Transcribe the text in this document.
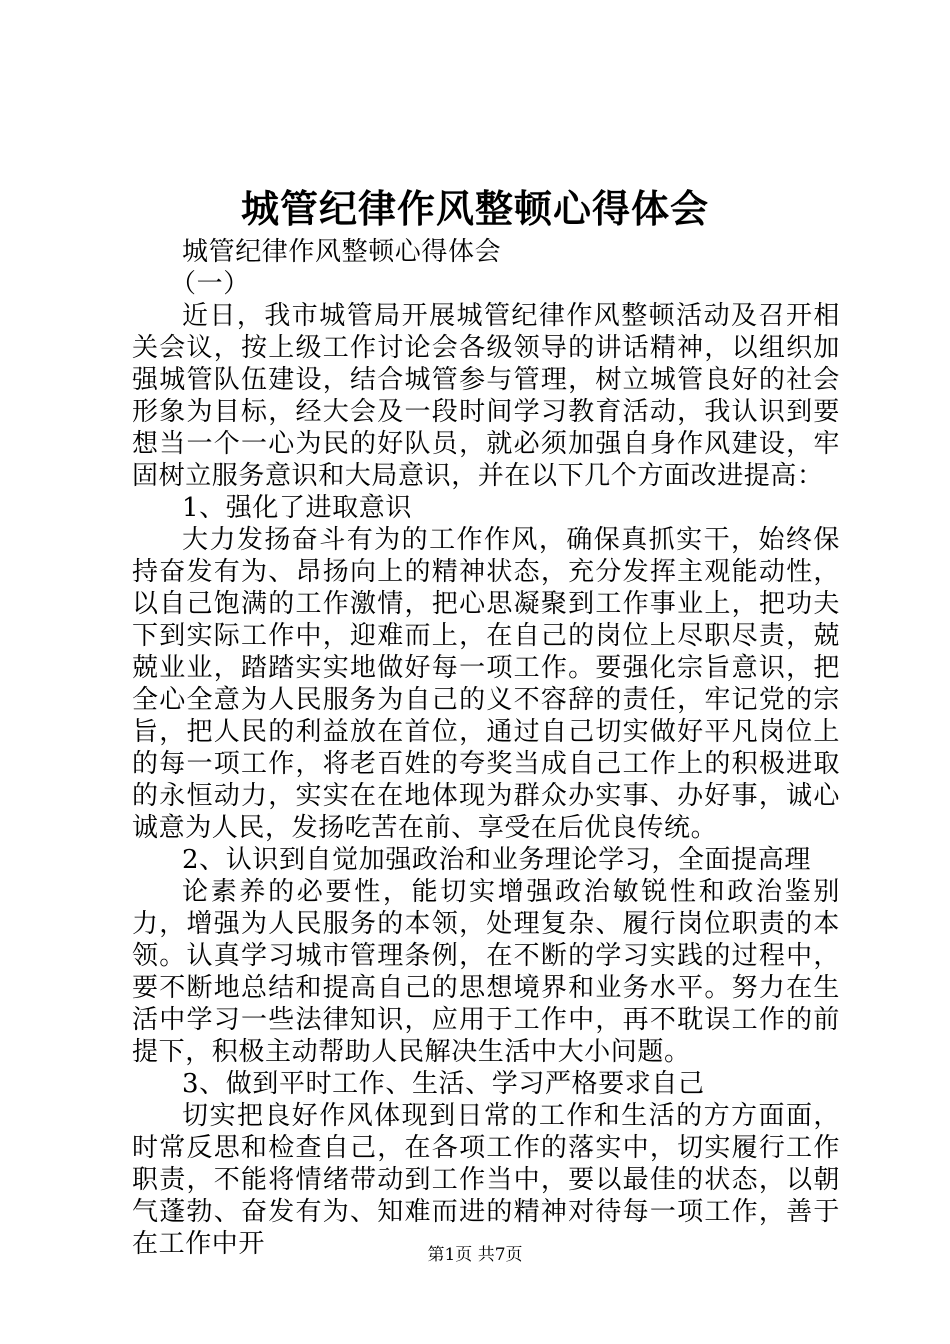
城管纪律作风整顿心得体会

城管纪律作风整顿心得体会

（一）

近日，我市城管局开展城管纪律作风整顿活动及召开相关会议，按上级工作讨论会各级领导的讲话精神，以组织加强城管队伍建设，结合城管参与管理，树立城管良好的社会形象为目标，经大会及一段时间学习教育活动，我认识到要想当一个一心为民的好队员，就必须加强自身作风建设，牢固树立服务意识和大局意识，并在以下几个方面改进提高：

1、强化了进取意识

大力发扬奋斗有为的工作作风，确保真抓实干，始终保持奋发有为、昂扬向上的精神状态，充分发挥主观能动性，以自己饱满的工作激情，把心思凝聚到工作事业上，把功夫下到实际工作中，迎难而上，在自己的岗位上尽职尽责，兢兢业业，踏踏实实地做好每一项工作。要强化宗旨意识，把全心全意为人民服务为自己的义不容辞的责任，牢记党的宗旨，把人民的利益放在首位，通过自己切实做好平凡岗位上的每一项工作，将老百姓的夸奖当成自己工作上的积极进取的永恒动力，实实在在地体现为群众办实事、办好事，诚心诚意为人民，发扬吃苦在前、享受在后优良传统。

2、认识到自觉加强政治和业务理论学习，全面提高理

论素养的必要性，能切实增强政治敏锐性和政治鉴别力，增强为人民服务的本领，处理复杂、履行岗位职责的本领。认真学习城市管理条例，在不断的学习实践的过程中，要不断地总结和提高自己的思想境界和业务水平。努力在生活中学习一些法律知识，应用于工作中，再不耽误工作的前提下，积极主动帮助人民解决生活中大小问题。

3、做到平时工作、生活、学习严格要求自己

切实把良好作风体现到日常的工作和生活的方方面面，时常反思和检查自己，在各项工作的落实中，切实履行工作职责，不能将情绪带动到工作当中，要以最佳的状态，以朝气蓬勃、奋发有为、知难而进的精神对待每一项工作，善于在工作中开	第1页 共7页
